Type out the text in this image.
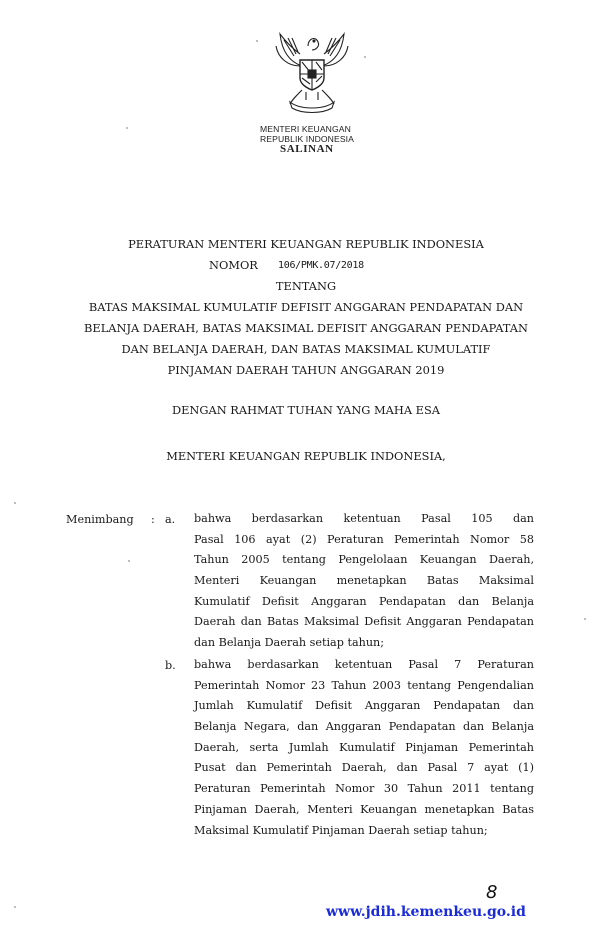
MENTERI KEUANGAN
REPUBLIK INDONESIA
SALINAN
PERATURAN MENTERI KEUANGAN REPUBLIK INDONESIA
NOMOR 106/PMK.07/2018
TENTANG
BATAS MAKSIMAL KUMULATIF DEFISIT ANGGARAN PENDAPATAN DAN
BELANJA DAERAH, BATAS MAKSIMAL DEFISIT ANGGARAN PENDAPATAN
DAN BELANJA DAERAH, DAN BATAS MAKSIMAL KUMULATIF
PINJAMAN DAERAH TAHUN ANGGARAN 2019
DENGAN RAHMAT TUHAN YANG MAHA ESA
MENTERI KEUANGAN REPUBLIK INDONESIA,
Menimbang : a. bahwa berdasarkan ketentuan Pasal 105 dan
Pasal 106 ayat (2) Peraturan Pemerintah Nomor 58
Tahun 2005 tentang Pengelolaan Keuangan Daerah,
Menteri Keuangan menetapkan Batas Maksimal
Kumulatif Defisit Anggaran Pendapatan dan Belanja
Daerah dan Batas Maksimal Defisit Anggaran Pendapatan
dan Belanja Daerah setiap tahun;
b. bahwa berdasarkan ketentuan Pasal 7 Peraturan
Pemerintah Nomor 23 Tahun 2003 tentang Pengendalian
Jumlah Kumulatif Defisit Anggaran Pendapatan dan
Belanja Negara, dan Anggaran Pendapatan dan Belanja
Daerah, serta Jumlah Kumulatif Pinjaman Pemerintah
Pusat dan Pemerintah Daerah, dan Pasal 7 ayat (1)
Peraturan Pemerintah Nomor 30 Tahun 2011 tentang
Pinjaman Daerah, Menteri Keuangan menetapkan Batas
Maksimal Kumulatif Pinjaman Daerah setiap tahun;
8
www.jdih.kemenkeu.go.id
